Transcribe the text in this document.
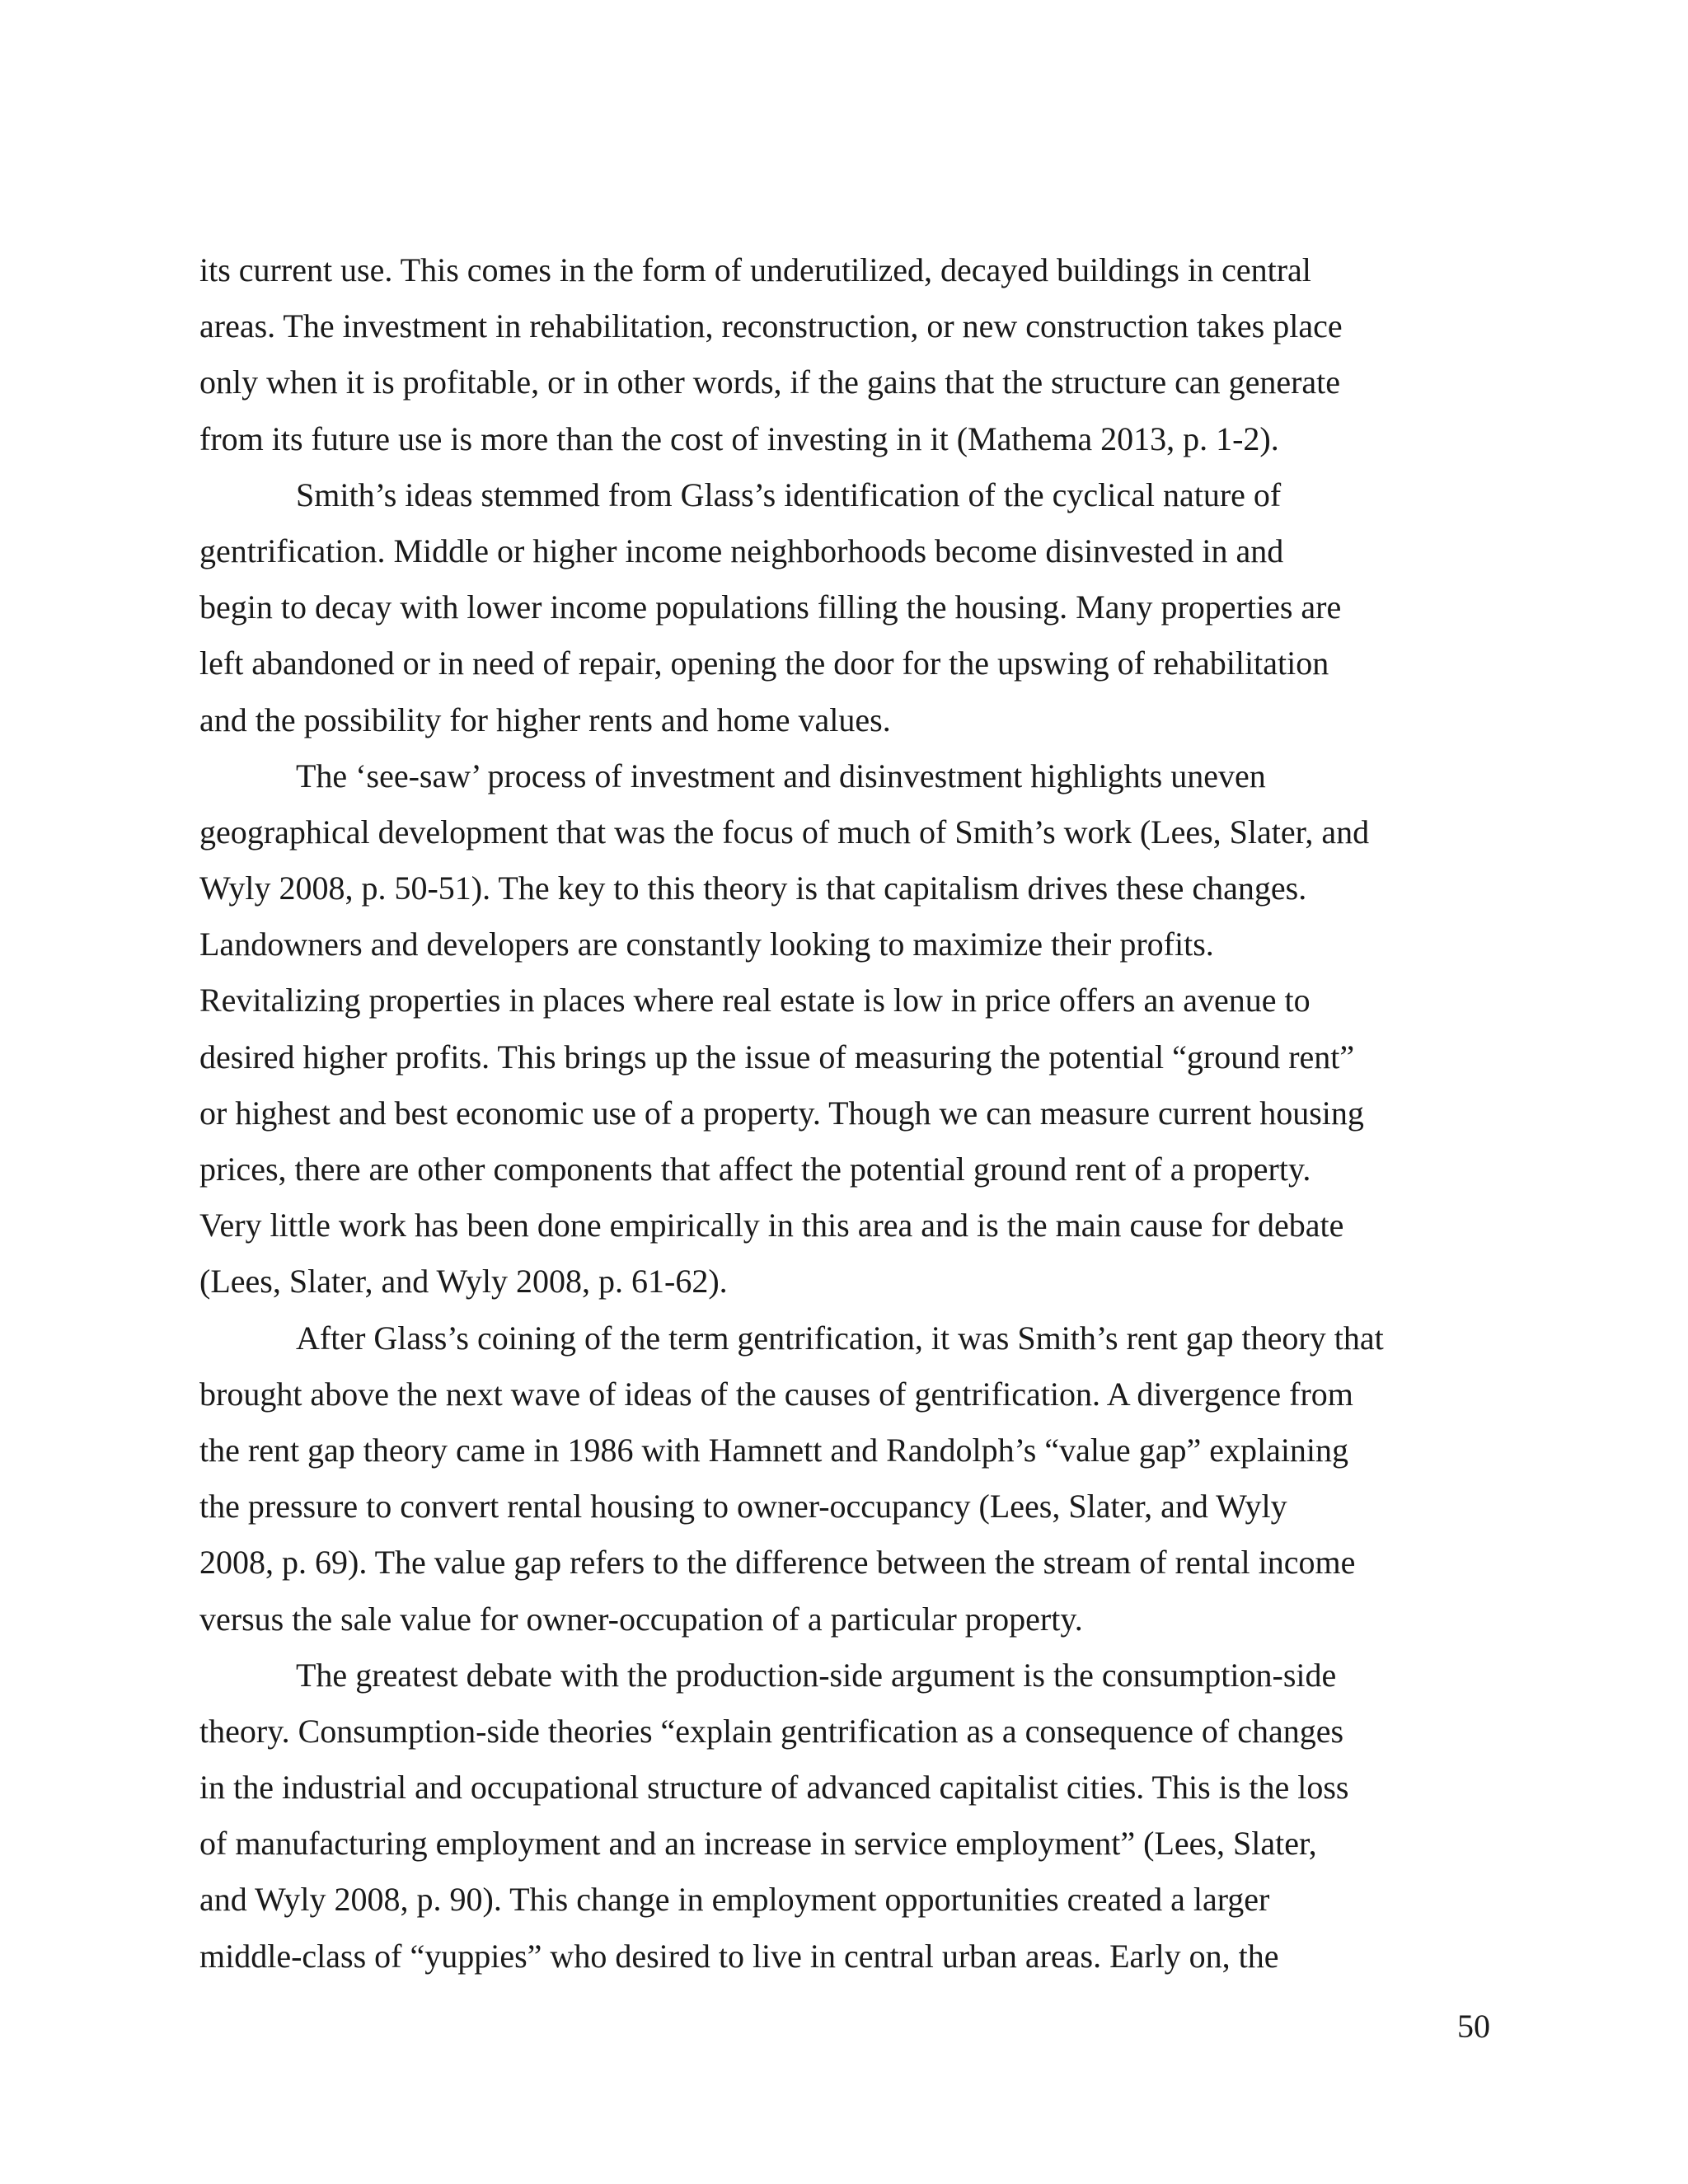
its current use. This comes in the form of underutilized, decayed buildings in central
areas. The investment in rehabilitation, reconstruction, or new construction takes place
only when it is profitable, or in other words, if the gains that the structure can generate
from its future use is more than the cost of investing in it (Mathema 2013, p. 1-2).
Smith’s ideas stemmed from Glass’s identification of the cyclical nature of
gentrification. Middle or higher income neighborhoods become disinvested in and
begin to decay with lower income populations filling the housing. Many properties are
left abandoned or in need of repair, opening the door for the upswing of rehabilitation
and the possibility for higher rents and home values.
The ‘see-saw’ process of investment and disinvestment highlights uneven
geographical development that was the focus of much of Smith’s work (Lees, Slater, and
Wyly 2008, p. 50-51). The key to this theory is that capitalism drives these changes.
Landowners and developers are constantly looking to maximize their profits.
Revitalizing properties in places where real estate is low in price offers an avenue to
desired higher profits. This brings up the issue of measuring the potential “ground rent”
or highest and best economic use of a property. Though we can measure current housing
prices, there are other components that affect the potential ground rent of a property.
Very little work has been done empirically in this area and is the main cause for debate
(Lees, Slater, and Wyly 2008, p. 61-62).
After Glass’s coining of the term gentrification, it was Smith’s rent gap theory that
brought above the next wave of ideas of the causes of gentrification. A divergence from
the rent gap theory came in 1986 with Hamnett and Randolph’s “value gap” explaining
the pressure to convert rental housing to owner-occupancy (Lees, Slater, and Wyly
2008, p. 69). The value gap refers to the difference between the stream of rental income
versus the sale value for owner-occupation of a particular property.
The greatest debate with the production-side argument is the consumption-side
theory. Consumption-side theories “explain gentrification as a consequence of changes
in the industrial and occupational structure of advanced capitalist cities. This is the loss
of manufacturing employment and an increase in service employment” (Lees, Slater,
and Wyly 2008, p. 90). This change in employment opportunities created a larger
middle-class of “yuppies” who desired to live in central urban areas. Early on, the
50
